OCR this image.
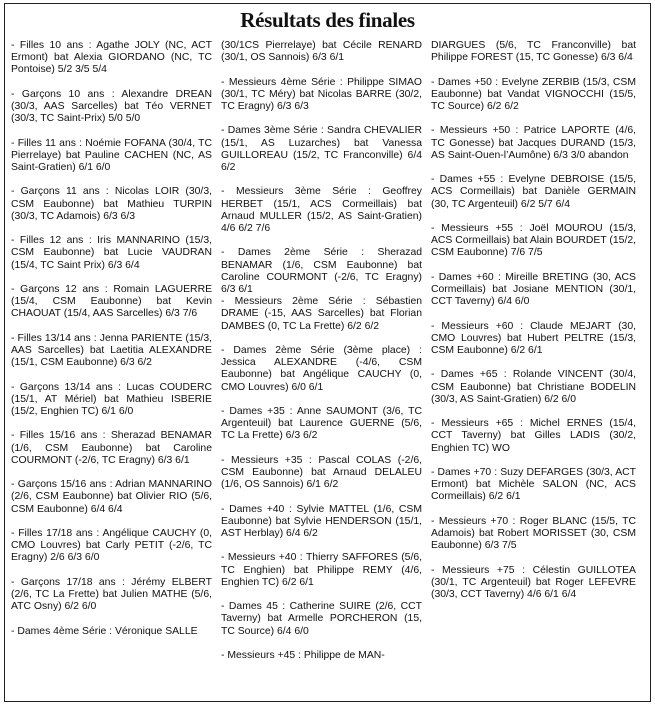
Résultats des finales

- Filles 10 ans : Agathe JOLY (NC, ACT Ermont) bat Alexia GIORDANO (NC, TC Pontoise) 5/2 3/5 5/4

- Garçons 10 ans : Alexandre DREAN (30/3, AAS Sarcelles) bat Téo VERNET (30/3, TC Saint-Prix) 5/0 5/0

- Filles 11 ans : Noémie FOFANA (30/4, TC Pierrelaye) bat Pauline CACHEN (NC, AS Saint-Gratien) 6/1 6/0

- Garçons 11 ans : Nicolas LOIR (30/3, CSM Eaubonne) bat Mathieu TURPIN (30/3, TC Adamois) 6/3 6/3

- Filles 12 ans : Iris MANNARINO (15/3, CSM Eaubonne) bat Lucie VAUDRAN (15/4, TC Saint Prix) 6/3 6/4

- Garçons 12 ans : Romain LAGUERRE (15/4, CSM Eaubonne) bat Kevin CHAOUAT (15/4, AAS Sarcelles) 6/3 7/6

- Filles 13/14 ans : Jenna PARIENTE (15/3, AAS Sarcelles) bat Laetitia ALEXANDRE (15/1, CSM Eaubonne) 6/3 6/2

- Garçons 13/14 ans : Lucas COUDERC (15/1, AT Mériel) bat Mathieu ISBERIE (15/2, Enghien TC) 6/1 6/0

- Filles 15/16 ans : Sherazad BENAMAR (1/6, CSM Eaubonne) bat Caroline COURMONT (-2/6, TC Eragny) 6/3 6/1

- Garçons 15/16 ans : Adrian MANNARINO (2/6, CSM Eaubonne) bat Olivier RIO (5/6, CSM Eaubonne) 6/4 6/4

- Filles 17/18 ans : Angélique CAUCHY (0, CMO Louvres) bat Carly PETIT (-2/6, TC Eragny) 2/6 6/3 6/0

- Garçons 17/18 ans : Jérémy ELBERT (2/6, TC La Frette) bat Julien MATHE (5/6, ATC Osny) 6/2 6/0

- Dames 4ème Série : Véronique SALLE

(30/1CS Pierrelaye) bat Cécile RENARD (30/1, OS Sannois) 6/3 6/1

- Messieurs 4ème Série : Philippe SIMAO (30/1, TC Méry) bat Nicolas BARRE (30/2, TC Eragny) 6/3 6/3

- Dames 3ème Série : Sandra CHEVALIER (15/1, AS Luzarches) bat Vanessa GUILLOREAU (15/2, TC Franconville) 6/4 6/2

- Messieurs 3ème Série : Geoffrey HERBET (15/1, ACS Cormeillais) bat Arnaud MULLER (15/2, AS Saint-Gratien) 4/6 6/2 7/6

- Dames 2ème Série : Sherazad BENAMAR (1/6, CSM Eaubonne) bat Caroline COURMONT (-2/6, TC Eragny) 6/3 6/1

- Messieurs 2ème Série : Sébastien DRAME (-15, AAS Sarcelles) bat Florian DAMBES (0, TC La Frette) 6/2 6/2

- Dames 2ème Série (3ème place) : Jessica ALEXANDRE (-4/6, CSM Eaubonne) bat Angélique CAUCHY (0, CMO Louvres) 6/0 6/1

- Dames +35 : Anne SAUMONT (3/6, TC Argenteuil) bat Laurence GUERNE (5/6, TC La Frette) 6/3 6/2

- Messieurs +35 : Pascal COLAS (-2/6, CSM Eaubonne) bat Arnaud DELALEU (1/6, OS Sannois) 6/1 6/2

- Dames +40 : Sylvie MATTEL (1/6, CSM Eaubonne) bat Sylvie HENDERSON (15/1, AST Herblay) 6/4 6/2

- Messieurs +40 : Thierry SAFFORES (5/6, TC Enghien) bat Philippe REMY (4/6, Enghien TC) 6/2 6/1

- Dames 45 : Catherine SUIRE (2/6, CCT Taverny) bat Armelle PORCHERON (15, TC Source) 6/4 6/0

- Messieurs +45 : Philippe de MAN-

DIARGUES (5/6, TC Franconville) bat Philippe FOREST (15, TC Gonesse) 6/3 6/4

- Dames +50 : Evelyne ZERBIB (15/3, CSM Eaubonne) bat Vandat VIGNOCCHI (15/5, TC Source) 6/2 6/2

- Messieurs +50 : Patrice LAPORTE (4/6, TC Gonesse) bat Jacques DURAND (15/3, AS Saint-Ouen-l’Aumône) 6/3 3/0 abandon

- Dames +55 : Evelyne DEBROISE (15/5, ACS Cormeillais) bat Danièle GERMAIN (30, TC Argenteuil) 6/2 5/7 6/4

- Messieurs +55 : Joël MOUROU (15/3, ACS Cormeillais) bat Alain BOURDET (15/2, CSM Eaubonne) 7/6 7/5

- Dames +60 : Mireille BRETING (30, ACS Cormeillais) bat Josiane MENTION (30/1, CCT Taverny) 6/4 6/0

- Messieurs +60 : Claude MEJART (30, CMO Louvres) bat Hubert PELTRE (15/3, CSM Eaubonne) 6/2 6/1

- Dames +65 : Rolande VINCENT (30/4, CSM Eaubonne) bat Christiane BODELIN (30/3, AS Saint-Gratien) 6/2 6/0

- Messieurs +65 : Michel ERNES (15/4, CCT Taverny) bat Gilles LADIS (30/2, Enghien TC) WO

- Dames +70 : Suzy DEFARGES (30/3, ACT Ermont) bat Michèle SALON (NC, ACS Cormeillais) 6/2 6/1

- Messieurs +70 : Roger BLANC (15/5, TC Adamois) bat Robert MORISSET (30, CSM Eaubonne) 6/3 7/5

- Messieurs +75 : Célestin GUILLOTEA (30/1, TC Argenteuil) bat Roger LEFEVRE (30/3, CCT Taverny) 4/6 6/1 6/4
